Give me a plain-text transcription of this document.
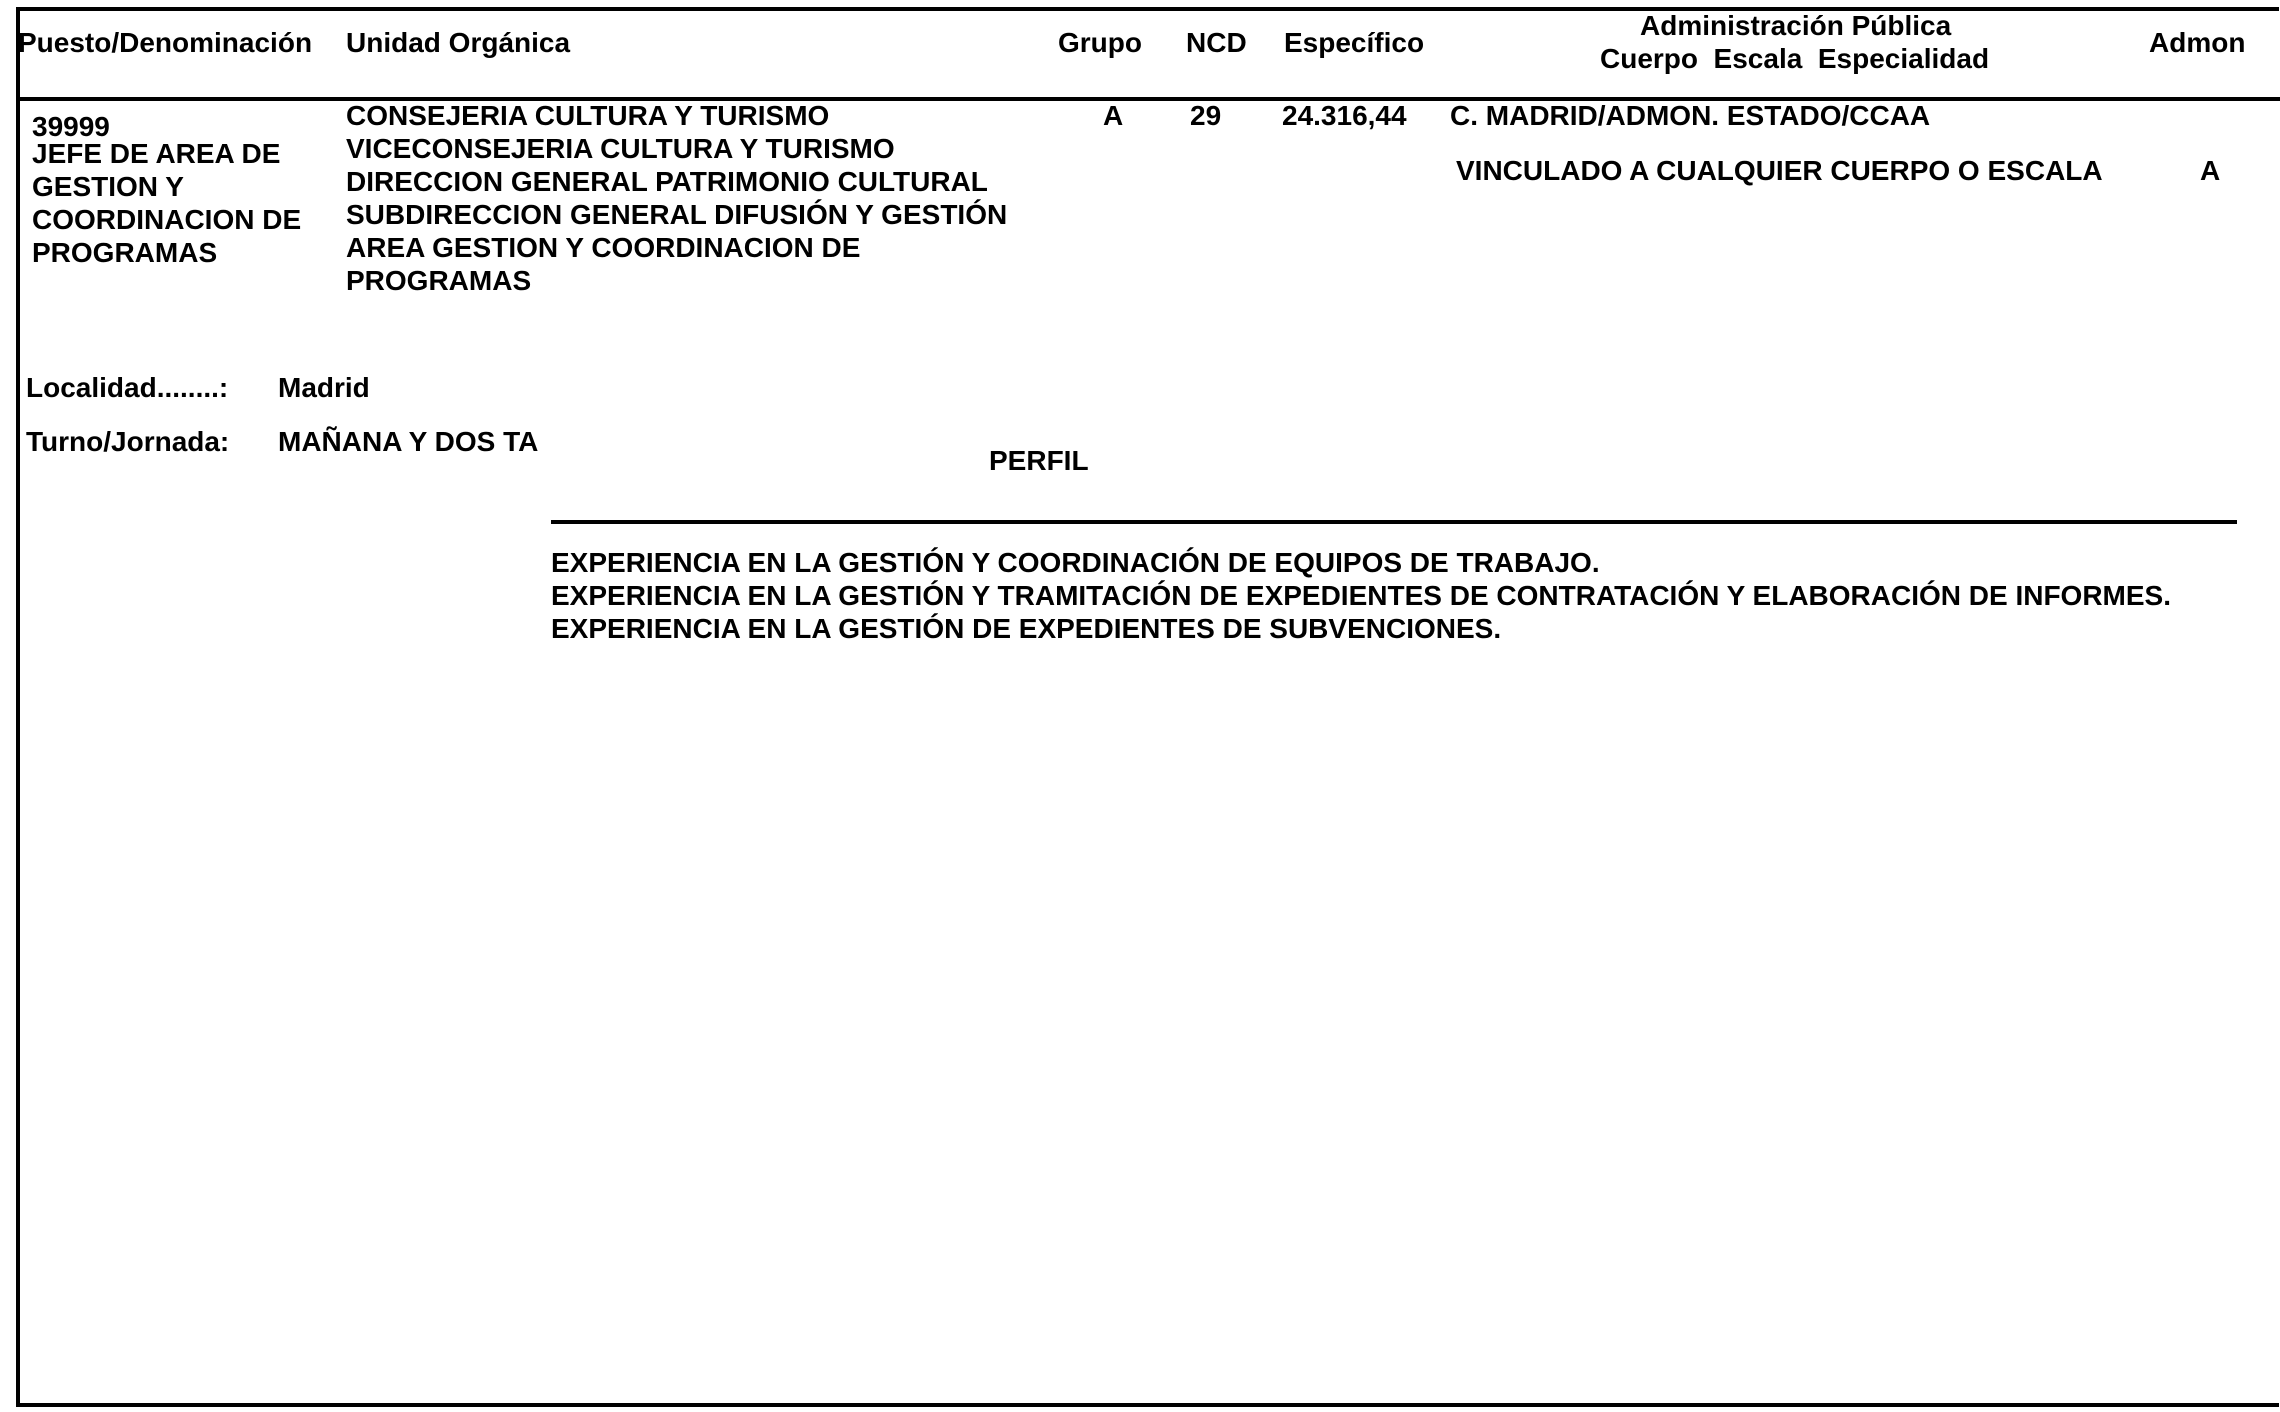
Puesto/Denominación Unidad Orgánica	Grupo NCD Específico
Administración Pública
Cuerpo  Escala  Especialidad
Admon
39999
JEFE DE AREA DE
GESTION Y
COORDINACION DE
PROGRAMAS
CONSEJERIA CULTURA Y TURISMO
VICECONSEJERIA CULTURA Y TURISMO
DIRECCION GENERAL PATRIMONIO CULTURAL
SUBDIRECCION GENERAL DIFUSIÓN Y GESTIÓN
AREA GESTION Y COORDINACION DE
PROGRAMAS
A 29 24.316,44 C. MADRID/ADMON. ESTADO/CCAA
VINCULADO A CUALQUIER CUERPO O ESCALA	A
Localidad........: Madrid
Turno/Jornada: MAÑANA Y DOS TA
PERFIL
EXPERIENCIA EN LA GESTIÓN Y COORDINACIÓN DE EQUIPOS DE TRABAJO.
EXPERIENCIA EN LA GESTIÓN Y TRAMITACIÓN DE EXPEDIENTES DE CONTRATACIÓN Y ELABORACIÓN DE INFORMES.
EXPERIENCIA EN LA GESTIÓN DE EXPEDIENTES DE SUBVENCIONES.
